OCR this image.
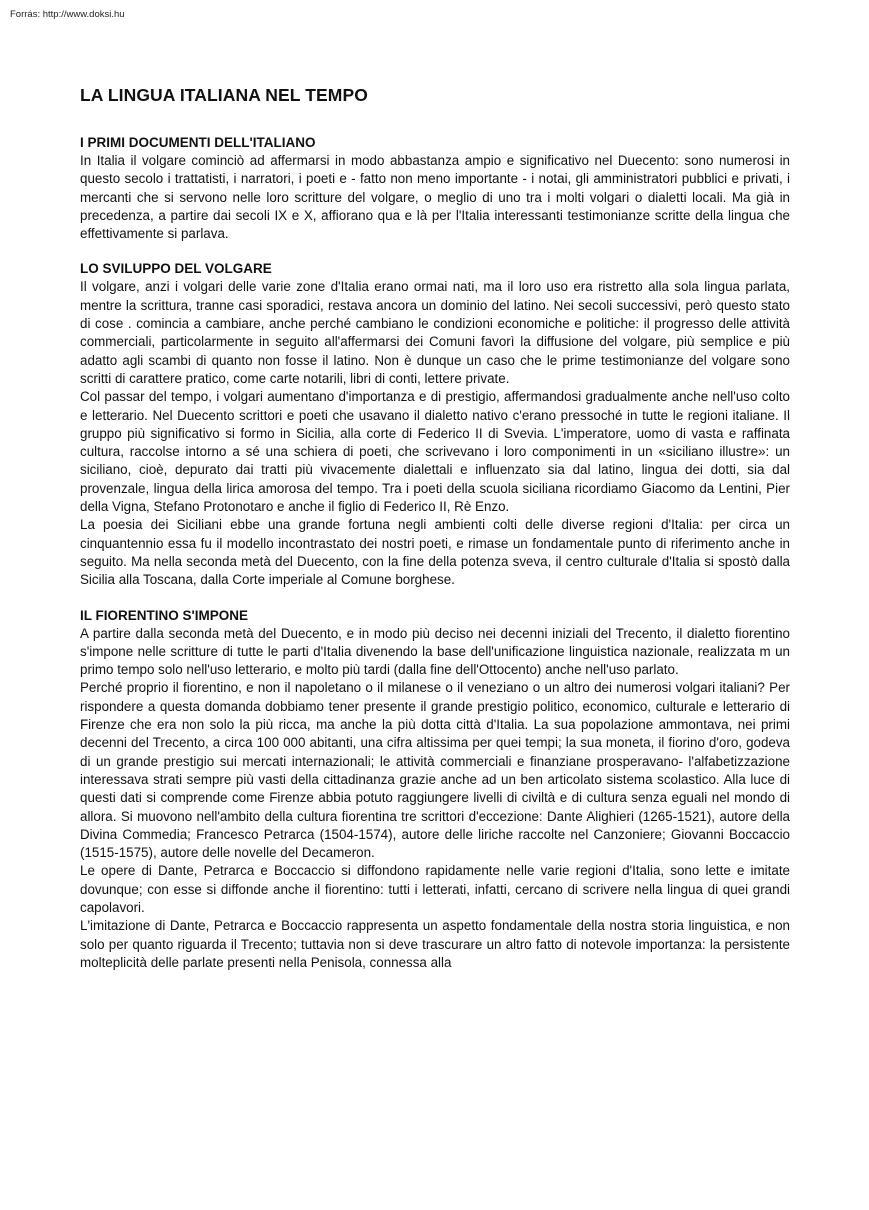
Forrás: http://www.doksi.hu
LA LINGUA ITALIANA NEL TEMPO
I PRIMI DOCUMENTI DELL'ITALIANO

In Italia il volgare cominciò ad affermarsi in modo abbastanza ampio e significativo nel Duecento: sono numerosi in questo secolo i trattatisti, i narratori, i poeti e - fatto non meno importante - i notai, gli amministratori pubblici e privati, i mercanti che si servono nelle loro scritture del volgare, o meglio di uno tra i molti volgari o dialetti locali. Ma già in precedenza, a partire dai secoli IX e X, affiorano qua e là per l'Italia interessanti testimonianze scritte della lingua che effettivamente si parlava.

LO SVILUPPO DEL VOLGARE

Il volgare, anzi i volgari delle varie zone d'Italia erano ormai nati, ma il loro uso era ristretto alla sola lingua parlata, mentre la scrittura, tranne casi sporadici, restava ancora un dominio del latino. Nei secoli successivi, però questo stato di cose . comincia a cambiare, anche perché cambiano le condizioni economiche e politiche: il progresso delle attività commerciali, particolarmente in seguito all'affermarsi dei Comuni favorì la diffusione del volgare, più semplice e più adatto agli scambi di quanto non fosse il latino. Non è dunque un caso che le prime testimonianze del volgare sono scritti di carattere pratico, come carte notarili, libri di conti, lettere private.

Col passar del tempo, i volgari aumentano d'importanza e di prestigio, affermandosi gradualmente anche nell'uso colto e letterario. Nel Duecento scrittori e poeti che usavano il dialetto nativo c'erano pressoché in tutte le regioni italiane. Il gruppo più significativo si formo in Sicilia, alla corte di Federico II di Svevia. L'imperatore, uomo di vasta e raffinata cultura, raccolse intorno a sé una schiera di poeti, che scrivevano i loro componimenti in un «siciliano illustre»: un siciliano, cioè, depurato dai tratti più vivacemente dialettali e influenzato sia dal latino, lingua dei dotti, sia dal provenzale, lingua della lirica amorosa del tempo. Tra i poeti della scuola siciliana ricordiamo Giacomo da Lentini, Pier della Vigna, Stefano Protonotaro e anche il figlio di Federico II, Rè Enzo.

La poesia dei Siciliani ebbe una grande fortuna negli ambienti colti delle diverse regioni d'Italia: per circa un cinquantennio essa fu il modello incontrastato dei nostri poeti, e rimase un fondamentale punto di riferimento anche in seguito. Ma nella seconda metà del Duecento, con la fine della potenza sveva, il centro culturale d'Italia si spostò dalla Sicilia alla Toscana, dalla Corte imperiale al Comune borghese.

IL FIORENTINO S'IMPONE

A partire dalla seconda metà del Duecento, e in modo più deciso nei decenni iniziali del Trecento, il dialetto fiorentino s'impone nelle scritture di tutte le parti d'Italia divenendo la base dell'unificazione linguistica nazionale, realizzata m un primo tempo solo nell'uso letterario, e molto più tardi (dalla fine dell'Ottocento) anche nell'uso parlato.

Perché proprio il fiorentino, e non il napoletano o il milanese o il veneziano o un altro dei numerosi volgari italiani? Per rispondere a questa domanda dobbiamo tener presente il grande prestigio politico, economico, culturale e letterario di Firenze che era non solo la più ricca, ma anche la più dotta città d'Italia. La sua popolazione ammontava, nei primi decenni del Trecento, a circa 100 000 abitanti, una cifra altissima per quei tempi; la sua moneta, il fiorino d'oro, godeva di un grande prestigio sui mercati internazionali; le attività commerciali e finanziane prosperavano- l'alfabetizzazione interessava strati sempre più vasti della cittadinanza grazie anche ad un ben articolato sistema scolastico. Alla luce di questi dati si comprende come Firenze abbia potuto raggiungere livelli di civiltà e di cultura senza eguali nel mondo di allora. Si muovono nell'ambito della cultura fiorentina tre scrittori d'eccezione: Dante Alighieri (1265-1521), autore della Divina Commedia; Francesco Petrarca (1504-1574), autore delle liriche raccolte nel Canzoniere; Giovanni Boccaccio (1515-1575), autore delle novelle del Decameron.

Le opere di Dante, Petrarca e Boccaccio si diffondono rapidamente nelle varie regioni d'Italia, sono lette e imitate dovunque; con esse si diffonde anche il fiorentino: tutti i letterati, infatti, cercano di scrivere nella lingua di quei grandi capolavori.

L'imitazione di Dante, Petrarca e Boccaccio rappresenta un aspetto fondamentale della nostra storia linguistica, e non solo per quanto riguarda il Trecento; tuttavia non si deve trascurare un altro fatto di notevole importanza: la persistente molteplicità delle parlate presenti nella Penisola, connessa alla
